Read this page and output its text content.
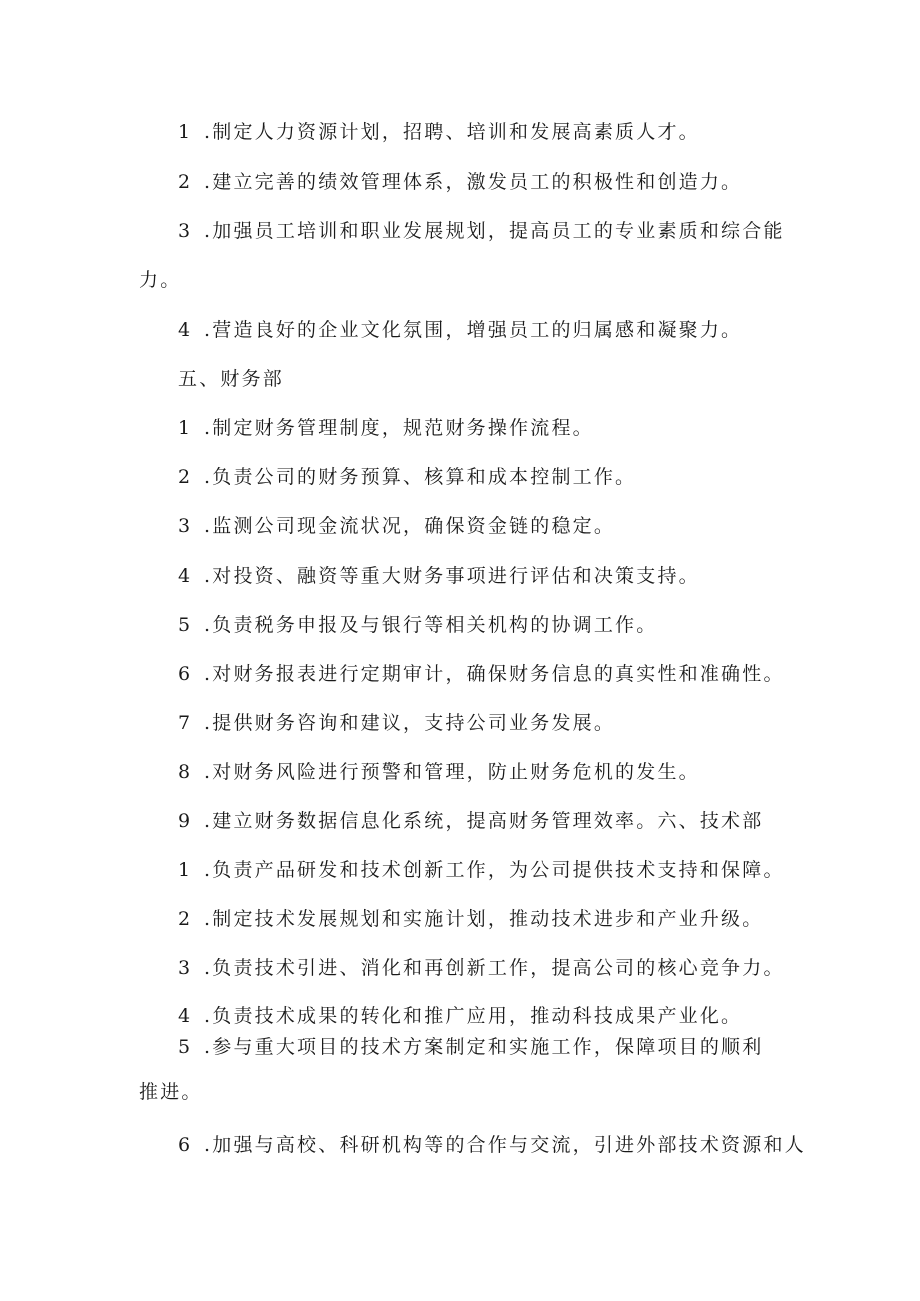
1 .制定人力资源计划，招聘、培训和发展高素质人才。
2 .建立完善的绩效管理体系，激发员工的积极性和创造力。
3 .加强员工培训和职业发展规划，提高员工的专业素质和综合能
力。
4 .营造良好的企业文化氛围，增强员工的归属感和凝聚力。
五、财务部
1 .制定财务管理制度，规范财务操作流程。
2 .负责公司的财务预算、核算和成本控制工作。
3 .监测公司现金流状况，确保资金链的稳定。
4 .对投资、融资等重大财务事项进行评估和决策支持。
5 .负责税务申报及与银行等相关机构的协调工作。
6 .对财务报表进行定期审计，确保财务信息的真实性和准确性。
7 .提供财务咨询和建议，支持公司业务发展。
8 .对财务风险进行预警和管理，防止财务危机的发生。
9 .建立财务数据信息化系统，提高财务管理效率。六、技术部
1 .负责产品研发和技术创新工作，为公司提供技术支持和保障。
2 .制定技术发展规划和实施计划，推动技术进步和产业升级。
3 .负责技术引进、消化和再创新工作，提高公司的核心竞争力。
4 .负责技术成果的转化和推广应用，推动科技成果产业化。
5 .参与重大项目的技术方案制定和实施工作，保障项目的顺利
推进。
6 .加强与高校、科研机构等的合作与交流，引进外部技术资源和人
